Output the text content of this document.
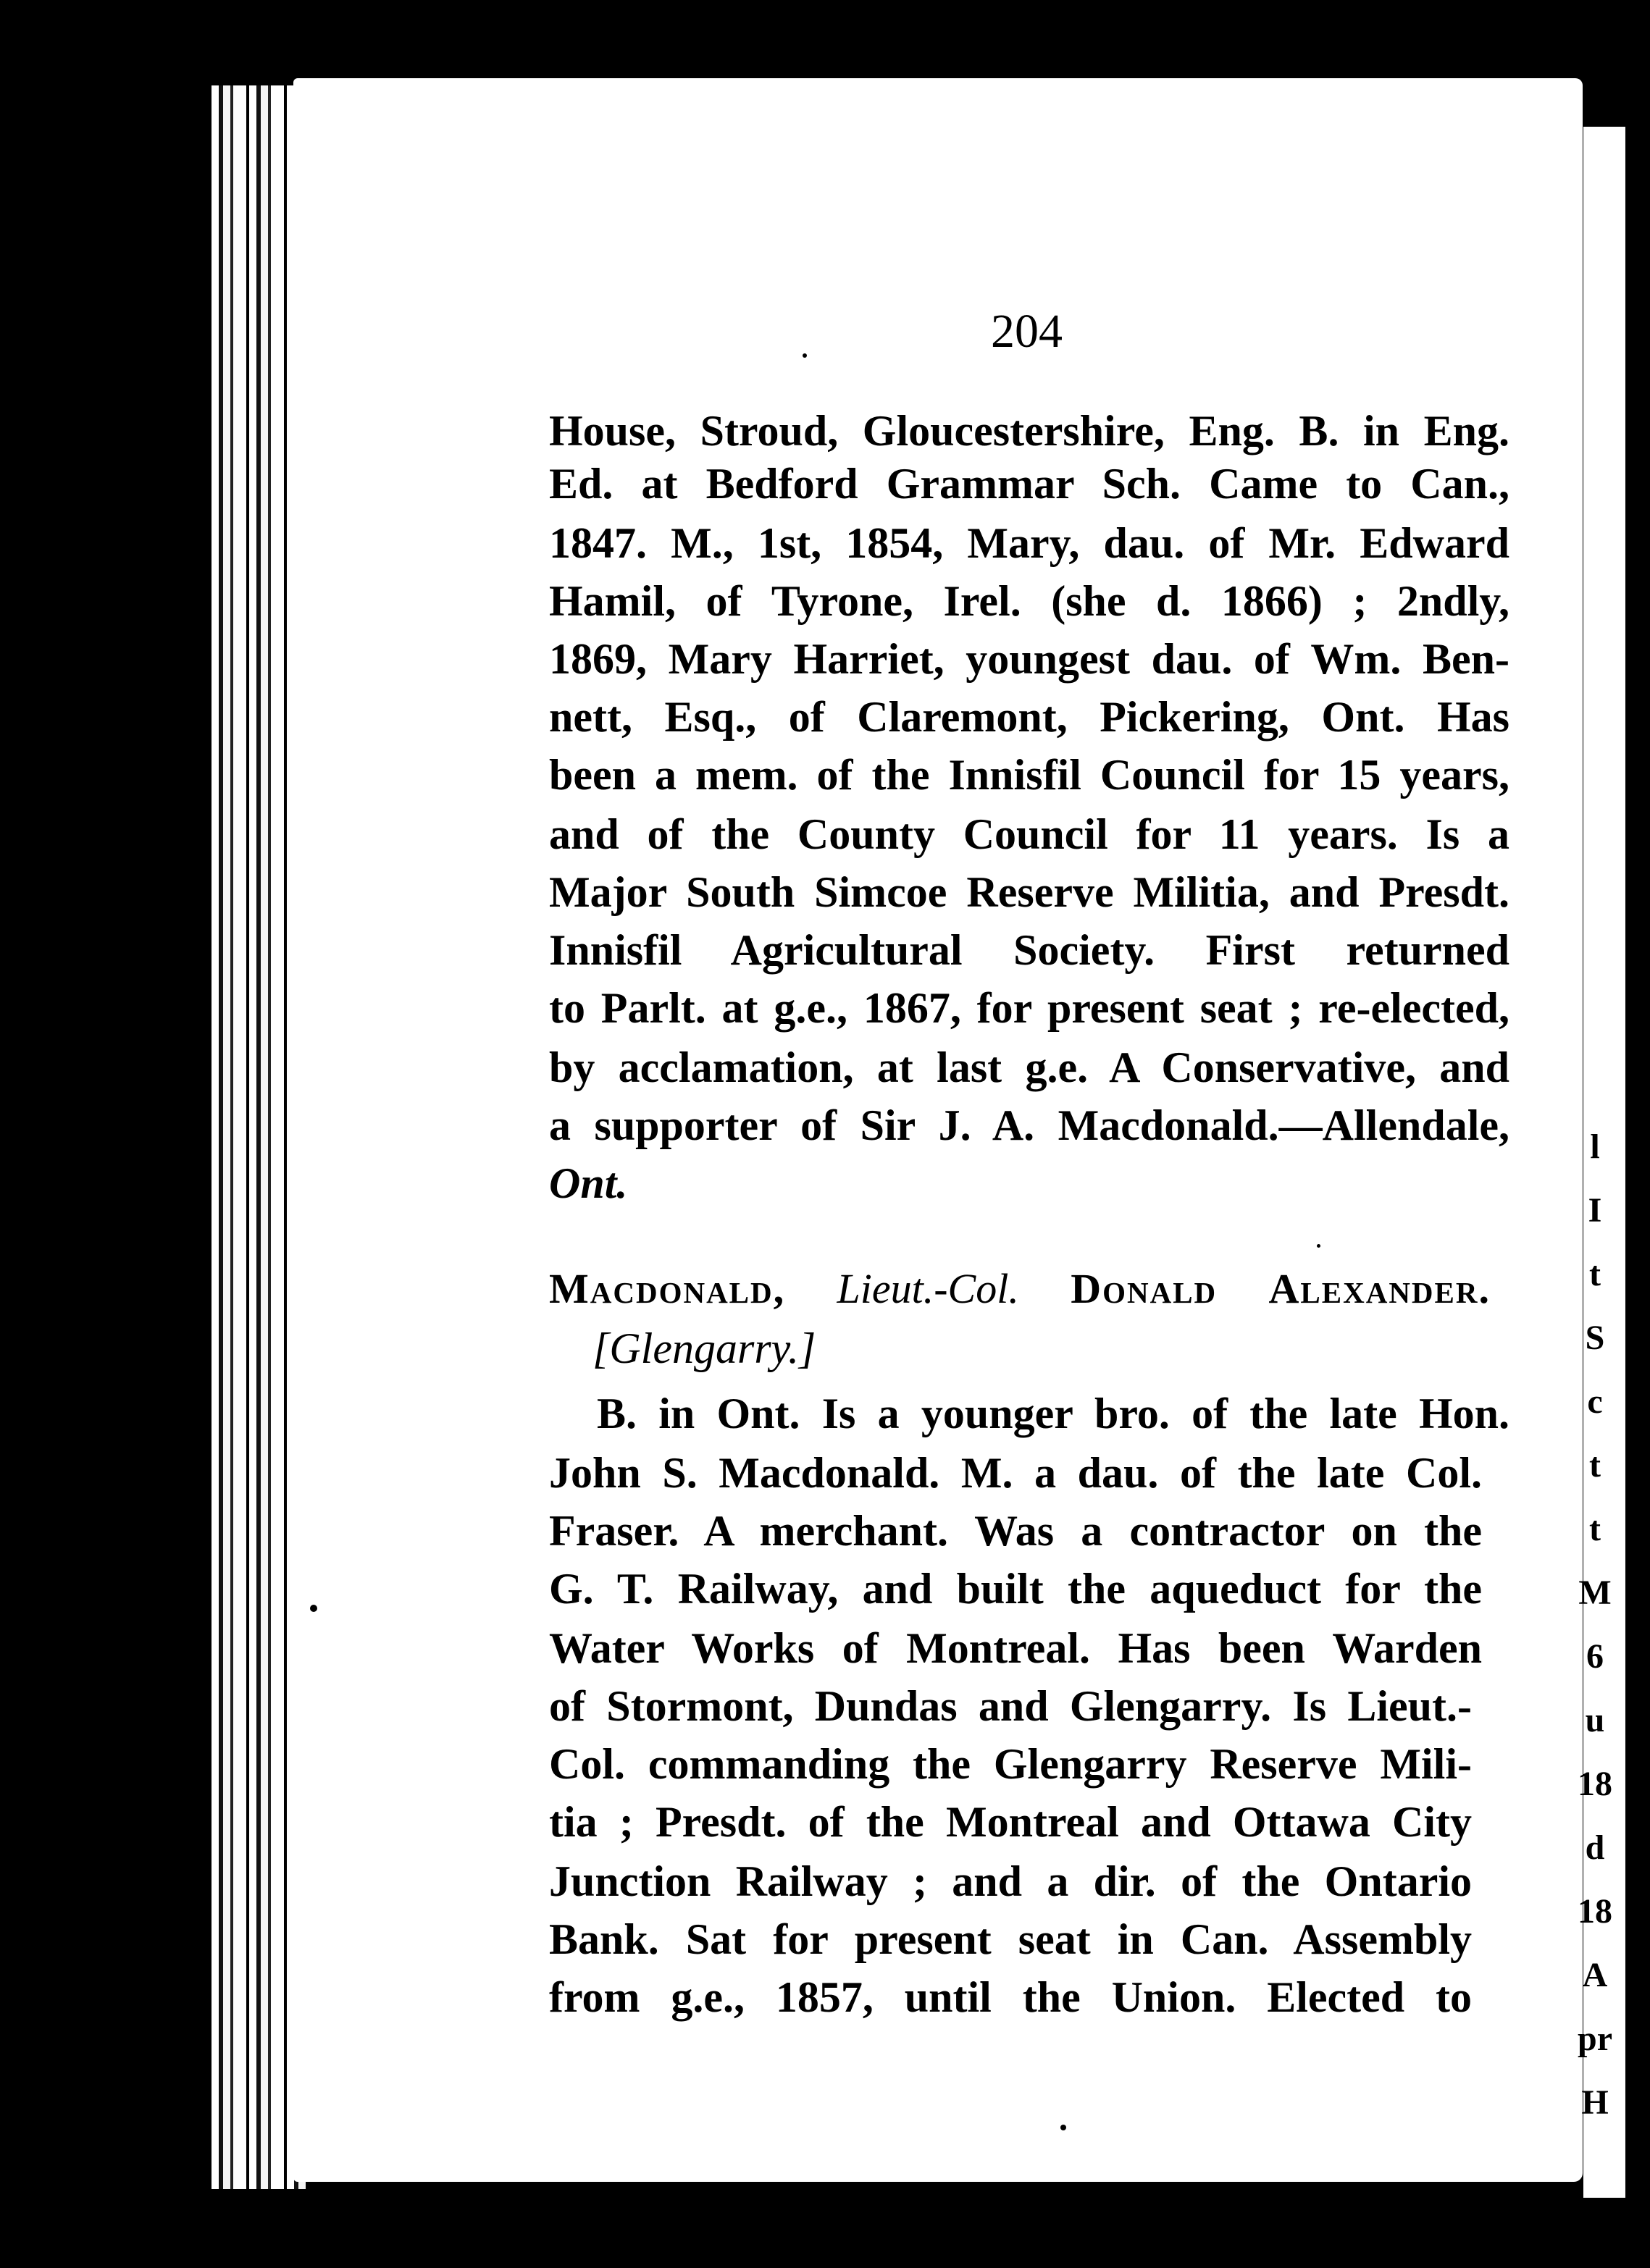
l
I
t
S
c
t
t
M
6
u
18
d
18
A
pr
H
204
House, Stroud, Gloucestershire, Eng. B. in Eng.
Ed. at Bedford Grammar Sch. Came to Can.,
1847. M., 1st, 1854, Mary, dau. of Mr. Edward
Hamil, of Tyrone, Irel. (she d. 1866) ; 2ndly,
1869, Mary Harriet, youngest dau. of Wm. Ben-
nett, Esq., of Claremont, Pickering, Ont. Has
been a mem. of the Innisfil Council for 15 years,
and of the County Council for 11 years. Is a
Major South Simcoe Reserve Militia, and Presdt.
Innisfil Agricultural Society. First returned
to Parlt. at g.e., 1867, for present seat ; re-elected,
by acclamation, at last g.e. A Conservative, and
a supporter of Sir J. A. Macdonald.—Allendale,
Ont.
Macdonald, Lieut.-Col. Donald Alexander.
[Glengarry.]
B. in Ont. Is a younger bro. of the late Hon.
John S. Macdonald. M. a dau. of the late Col.
Fraser. A merchant. Was a contractor on the
G. T. Railway, and built the aqueduct for the
Water Works of Montreal. Has been Warden
of Stormont, Dundas and Glengarry. Is Lieut.-
Col. commanding the Glengarry Reserve Mili-
tia ; Presdt. of the Montreal and Ottawa City
Junction Railway ; and a dir. of the Ontario
Bank. Sat for present seat in Can. Assembly
from g.e., 1857, until the Union. Elected to
